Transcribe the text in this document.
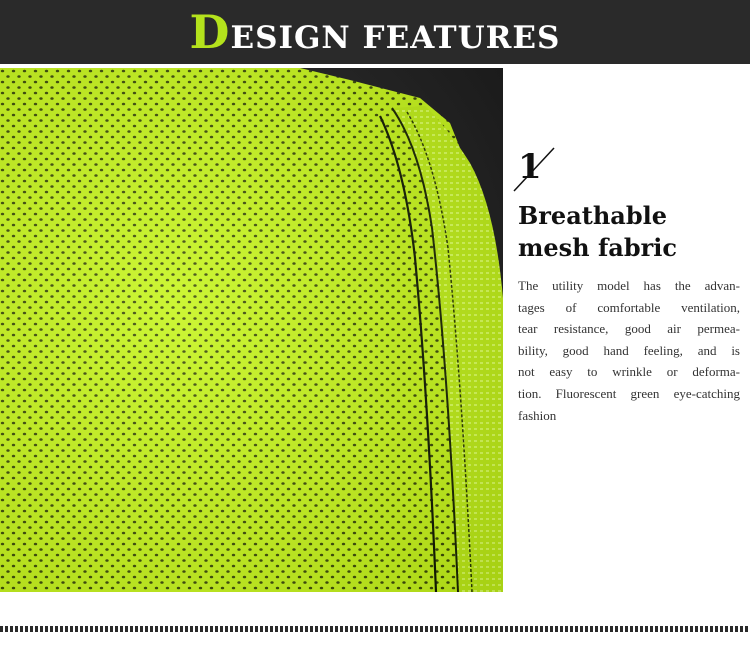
DESIGN FEATURES
1
Breathable
mesh fabric

The utility model has the advan-
tages of comfortable ventilation,
tear resistance, good air permea-
bility, good hand feeling, and is
not easy to wrinkle or deforma-
tion. Fluorescent green eye-catching
fashion
